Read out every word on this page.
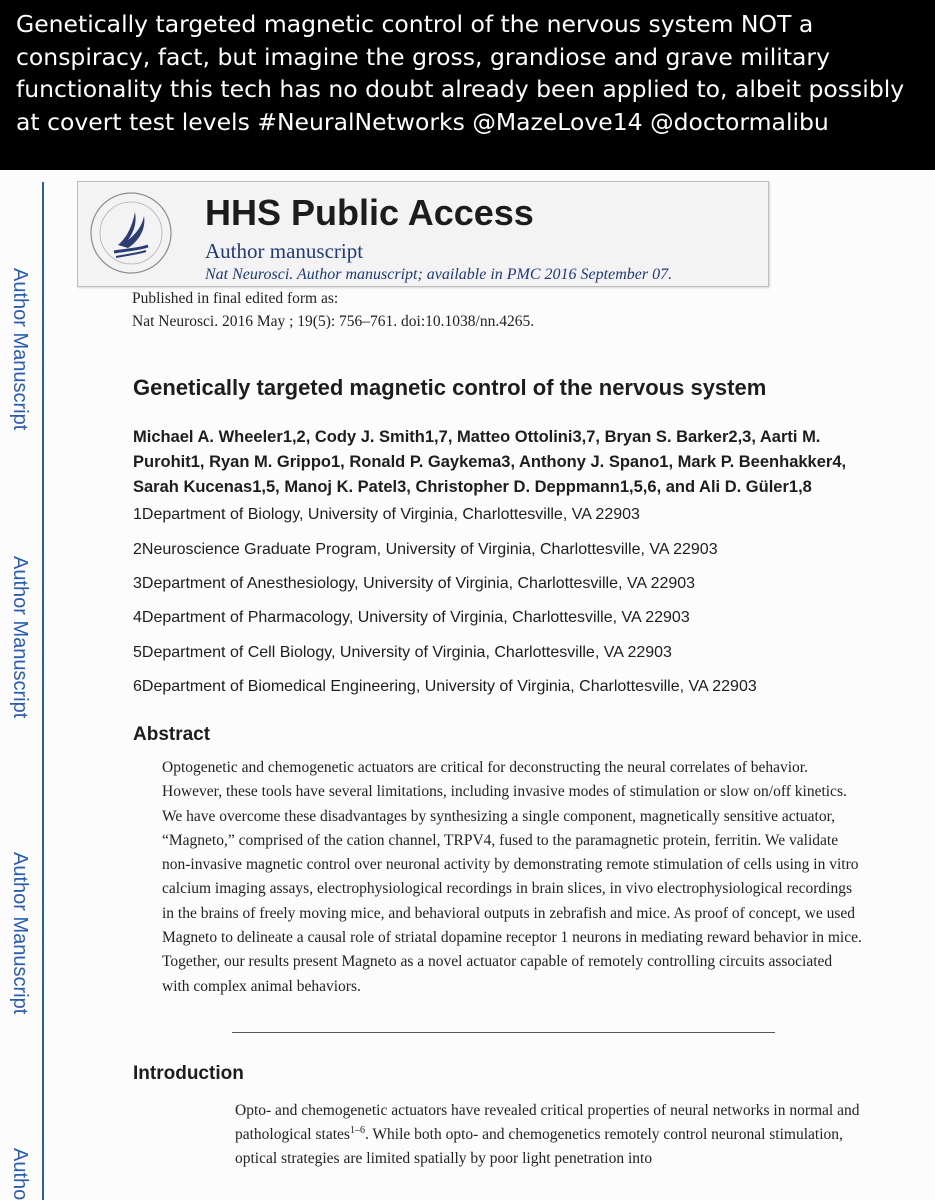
Genetically targeted magnetic control of the nervous system NOT a conspiracy, fact, but imagine the gross, grandiose and grave military functionality this tech has no doubt already been applied to, albeit possibly at covert test levels #NeuralNetworks @MazeLove14 @doctormalibu

Author Manuscript
Author Manuscript
Author Manuscript
Autho
HHS Public Access
Author manuscript
Nat Neurosci. Author manuscript; available in PMC 2016 September 07.
Published in final edited form as:
Nat Neurosci. 2016 May ; 19(5): 756–761. doi:10.1038/nn.4265.
Genetically targeted magnetic control of the nervous system

Michael A. Wheeler1,2, Cody J. Smith1,7, Matteo Ottolini3,7, Bryan S. Barker2,3, Aarti M. Purohit1, Ryan M. Grippo1, Ronald P. Gaykema3, Anthony J. Spano1, Mark P. Beenhakker4, Sarah Kucenas1,5, Manoj K. Patel3, Christopher D. Deppmann1,5,6, and Ali D. Güler1,8

1Department of Biology, University of Virginia, Charlottesville, VA 22903
2Neuroscience Graduate Program, University of Virginia, Charlottesville, VA 22903
3Department of Anesthesiology, University of Virginia, Charlottesville, VA 22903
4Department of Pharmacology, University of Virginia, Charlottesville, VA 22903
5Department of Cell Biology, University of Virginia, Charlottesville, VA 22903
6Department of Biomedical Engineering, University of Virginia, Charlottesville, VA 22903
Abstract

Optogenetic and chemogenetic actuators are critical for deconstructing the neural correlates of behavior. However, these tools have several limitations, including invasive modes of stimulation or slow on/off kinetics. We have overcome these disadvantages by synthesizing a single component, magnetically sensitive actuator, “Magneto,” comprised of the cation channel, TRPV4, fused to the paramagnetic protein, ferritin. We validate non-invasive magnetic control over neuronal activity by demonstrating remote stimulation of cells using in vitro calcium imaging assays, electrophysiological recordings in brain slices, in vivo electrophysiological recordings in the brains of freely moving mice, and behavioral outputs in zebrafish and mice. As proof of concept, we used Magneto to delineate a causal role of striatal dopamine receptor 1 neurons in mediating reward behavior in mice. Together, our results present Magneto as a novel actuator capable of remotely controlling circuits associated with complex animal behaviors.

Introduction

Opto- and chemogenetic actuators have revealed critical properties of neural networks in normal and pathological states$^{1-6}$. While both opto- and chemogenetics remotely control neuronal stimulation, optical strategies are limited spatially by poor light penetration into
